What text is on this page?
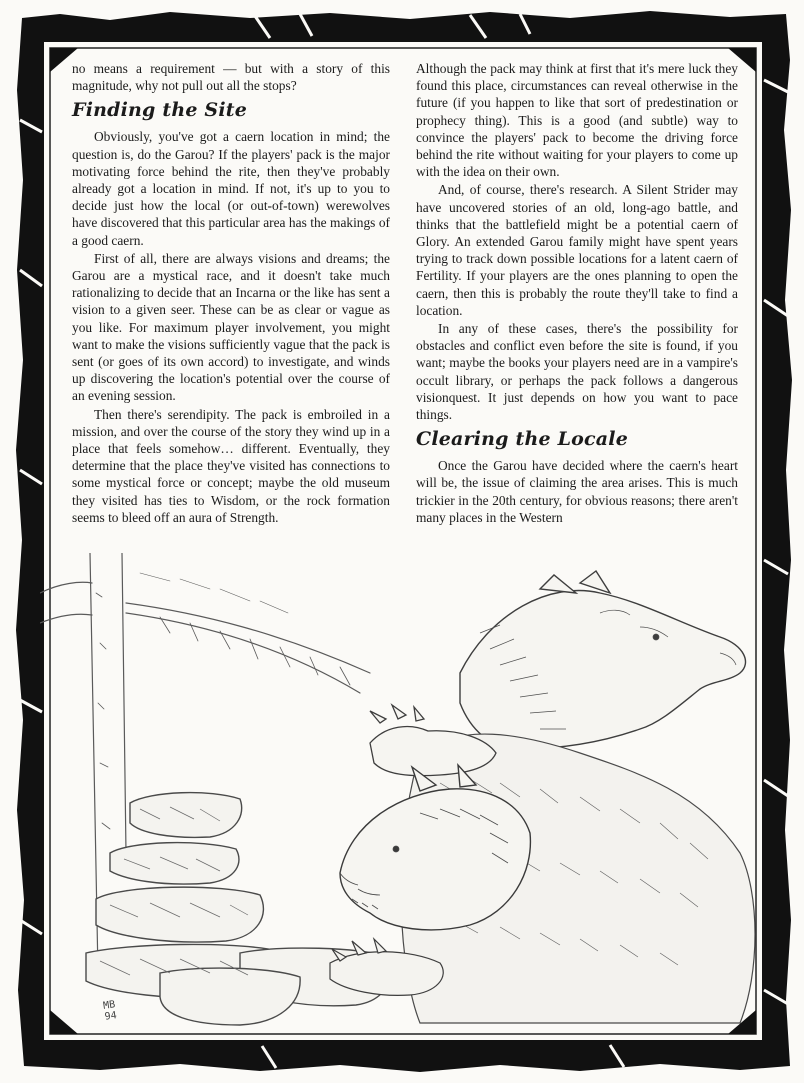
no means a requirement — but with a story of this magnitude, why not pull out all the stops?

Finding the Site

Obviously, you've got a caern location in mind; the question is, do the Garou? If the players' pack is the major motivating force behind the rite, then they've probably already got a location in mind. If not, it's up to you to decide just how the local (or out-of-town) werewolves have discovered that this particular area has the makings of a good caern.

First of all, there are always visions and dreams; the Garou are a mystical race, and it doesn't take much rationalizing to decide that an Incarna or the like has sent a vision to a given seer. These can be as clear or vague as you like. For maximum player involvement, you might want to make the visions sufficiently vague that the pack is sent (or goes of its own accord) to investigate, and winds up discovering the location's potential over the course of an evening session.

Then there's serendipity. The pack is embroiled in a mission, and over the course of the story they wind up in a place that feels somehow… different. Eventually, they determine that the place they've visited has connections to some mystical force or concept; maybe the old museum they visited has ties to Wisdom, or the rock formation seems to bleed off an aura of Strength.

Although the pack may think at first that it's mere luck they found this place, circumstances can reveal otherwise in the future (if you happen to like that sort of predestination or prophecy thing). This is a good (and subtle) way to convince the players' pack to become the driving force behind the rite without waiting for your players to come up with the idea on their own.

And, of course, there's research. A Silent Strider may have uncovered stories of an old, long-ago battle, and thinks that the battlefield might be a potential caern of Glory. An extended Garou family might have spent years trying to track down possible locations for a latent caern of Fertility. If your players are the ones planning to open the caern, then this is probably the route they'll take to find a location.

In any of these cases, there's the possibility for obstacles and conflict even before the site is found, if you want; maybe the books your players need are in a vampire's occult library, or perhaps the pack follows a dangerous visionquest. It just depends on how you want to pace things.

Clearing the Locale

Once the Garou have decided where the caern's heart will be, the issue of claiming the area arises. This is much trickier in the 20th century, for obvious reasons; there aren't many places in the Western

MB
94
